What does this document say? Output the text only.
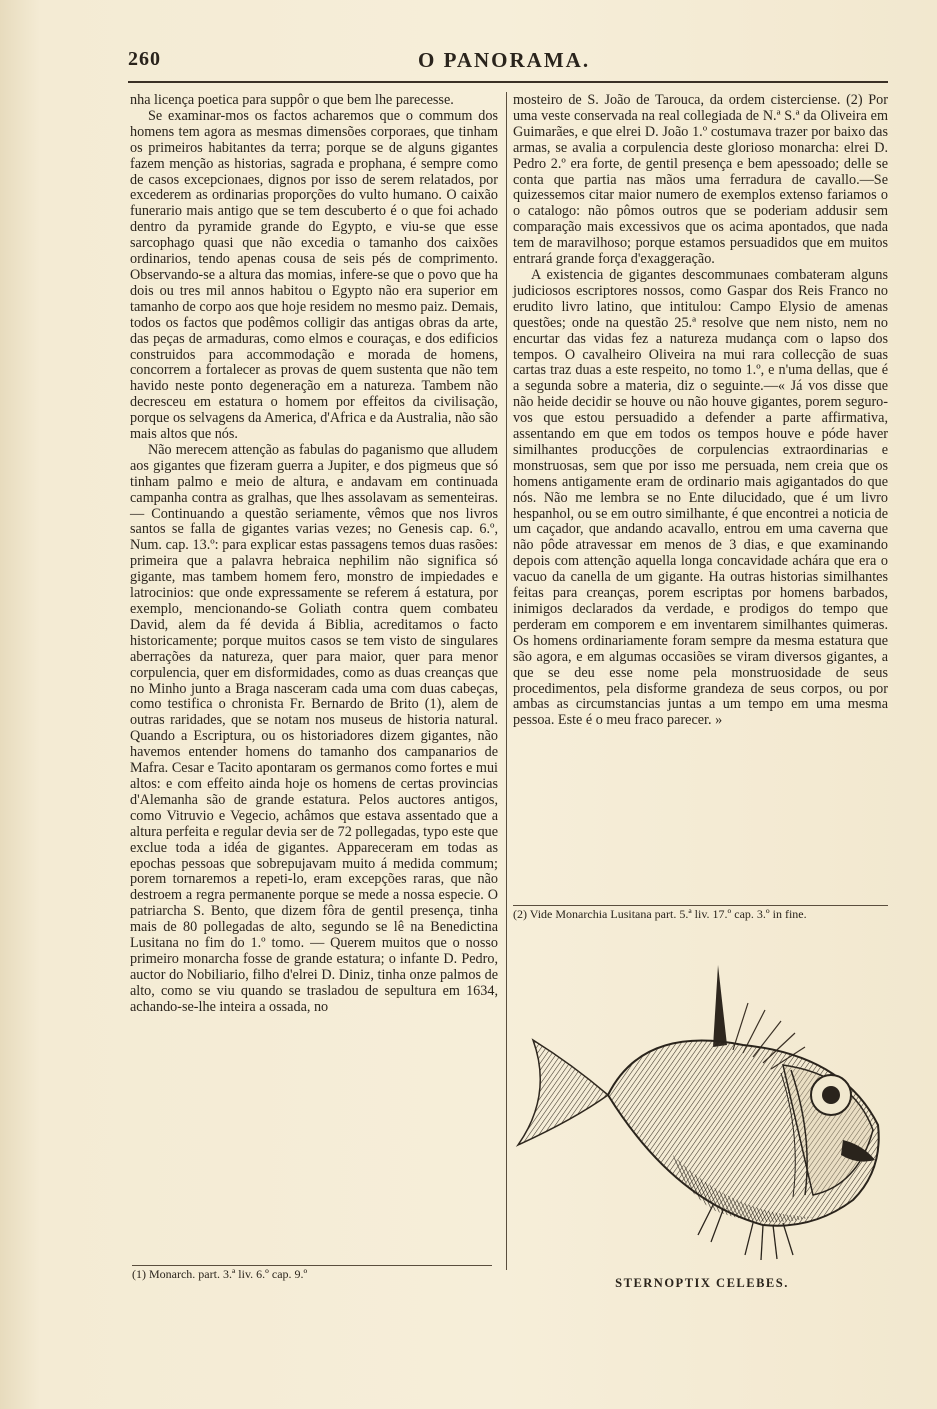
260	O PANORAMA.

nha licença poetica para suppôr o que bem lhe parecesse.

Se examinar-mos os factos acharemos que o commum dos homens tem agora as mesmas dimensões corporaes, que tinham os primeiros habitantes da terra; porque se de alguns gigantes fazem menção as historias, sagrada e prophana, é sempre como de casos excepcionaes, dignos por isso de serem relatados, por excederem as ordinarias proporções do vulto humano. O caixão funerario mais antigo que se tem descuberto é o que foi achado dentro da pyramide grande do Egypto, e viu-se que esse sarcophago quasi que não excedia o tamanho dos caixões ordinarios, tendo apenas cousa de seis pés de comprimento. Observando-se a altura das momias, infere-se que o povo que ha dois ou tres mil annos habitou o Egypto não era superior em tamanho de corpo aos que hoje residem no mesmo paiz. Demais, todos os factos que podêmos colligir das antigas obras da arte, das peças de armaduras, como elmos e couraças, e dos edificios construidos para accommodação e morada de homens, concorrem a fortalecer as provas de quem sustenta que não tem havido neste ponto degeneração em a natureza. Tambem não decresceu em estatura o homem por effeitos da civilisação, porque os selvagens da America, d'Africa e da Australia, não são mais altos que nós.

Não merecem attenção as fabulas do paganismo que alludem aos gigantes que fizeram guerra a Jupiter, e dos pigmeus que só tinham palmo e meio de altura, e andavam em continuada campanha contra as gralhas, que lhes assolavam as sementeiras. — Continuando a questão seriamente, vêmos que nos livros santos se falla de gigantes varias vezes; no Genesis cap. 6.º, Num. cap. 13.º: para explicar estas passagens temos duas rasões: primeira que a palavra hebraica nephilim não significa só gigante, mas tambem homem fero, monstro de impiedades e latrocinios: que onde expressamente se referem á estatura, por exemplo, mencionando-se Goliath contra quem combateu David, alem da fé devida á Biblia, acreditamos o facto historicamente; porque muitos casos se tem visto de singulares aberrações da natureza, quer para maior, quer para menor corpulencia, quer em disformidades, como as duas creanças que no Minho junto a Braga nasceram cada uma com duas cabeças, como testifica o chronista Fr. Bernardo de Brito (1), alem de outras raridades, que se notam nos museus de historia natural. Quando a Escriptura, ou os historiadores dizem gigantes, não havemos entender homens do tamanho dos campanarios de Mafra. Cesar e Tacito apontaram os germanos como fortes e mui altos: e com effeito ainda hoje os homens de certas provincias d'Alemanha são de grande estatura. Pelos auctores antigos, como Vitruvio e Vegecio, achâmos que estava assentado que a altura perfeita e regular devia ser de 72 pollegadas, typo este que exclue toda a idéa de gigantes. Appareceram em todas as epochas pessoas que sobrepujavam muito á medida commum; porem tornaremos a repeti-lo, eram excepções raras, que não destroem a regra permanente porque se mede a nossa especie. O patriarcha S. Bento, que dizem fôra de gentil presença, tinha mais de 80 pollegadas de alto, segundo se lê na Benedictina Lusitana no fim do 1.º tomo. — Querem muitos que o nosso primeiro monarcha fosse de grande estatura; o infante D. Pedro, auctor do Nobiliario, filho d'elrei D. Diniz, tinha onze palmos de alto, como se viu quando se trasladou de sepultura em 1634, achando-se-lhe inteira a ossada, no

(1) Monarch. part. 3.ª liv. 6.º cap. 9.º

mosteiro de S. João de Tarouca, da ordem cisterciense. (2) Por uma veste conservada na real collegiada de N.ª S.ª da Oliveira em Guimarães, e que elrei D. João 1.º costumava trazer por baixo das armas, se avalia a corpulencia deste glorioso monarcha: elrei D. Pedro 2.º era forte, de gentil presença e bem apessoado; delle se conta que partia nas mãos uma ferradura de cavallo.—Se quizessemos citar maior numero de exemplos extenso fariamos o o catalogo: não pômos outros que se poderiam addusir sem comparação mais excessivos que os acima apontados, que nada tem de maravilhoso; porque estamos persuadidos que em muitos entrará grande força d'exaggeração.

A existencia de gigantes descommunaes combateram alguns judiciosos escriptores nossos, como Gaspar dos Reis Franco no erudito livro latino, que intitulou: Campo Elysio de amenas questões; onde na questão 25.ª resolve que nem nisto, nem no encurtar das vidas fez a natureza mudança com o lapso dos tempos. O cavalheiro Oliveira na mui rara collecção de suas cartas traz duas a este respeito, no tomo 1.º, e n'uma dellas, que é a segunda sobre a materia, diz o seguinte.—« Já vos disse que não heide decidir se houve ou não houve gigantes, porem seguro-vos que estou persuadido a defender a parte affirmativa, assentando em que em todos os tempos houve e póde haver similhantes producções de corpulencias extraordinarias e monstruosas, sem que por isso me persuada, nem creia que os homens antigamente eram de ordinario mais agigantados do que nós. Não me lembra se no Ente dilucidado, que é um livro hespanhol, ou se em outro similhante, é que encontrei a noticia de um caçador, que andando acavallo, entrou em uma caverna que não pôde atravessar em menos de 3 dias, e que examinando depois com attenção aquella longa concavidade achára que era o vacuo da canella de um gigante. Ha outras historias similhantes feitas para creanças, porem escriptas por homens barbados, inimigos declarados da verdade, e prodigos do tempo que perderam em comporem e em inventarem similhantes quimeras. Os homens ordinariamente foram sempre da mesma estatura que são agora, e em algumas occasiões se viram diversos gigantes, a que se deu esse nome pela monstruosidade de seus procedimentos, pela disforme grandeza de seus corpos, ou por ambas as circumstancias juntas a um tempo em uma mesma pessoa. Este é o meu fraco parecer. »

(2) Vide Monarchia Lusitana part. 5.ª liv. 17.º cap. 3.º in fine.
STERNOPTIX CELEBES.
